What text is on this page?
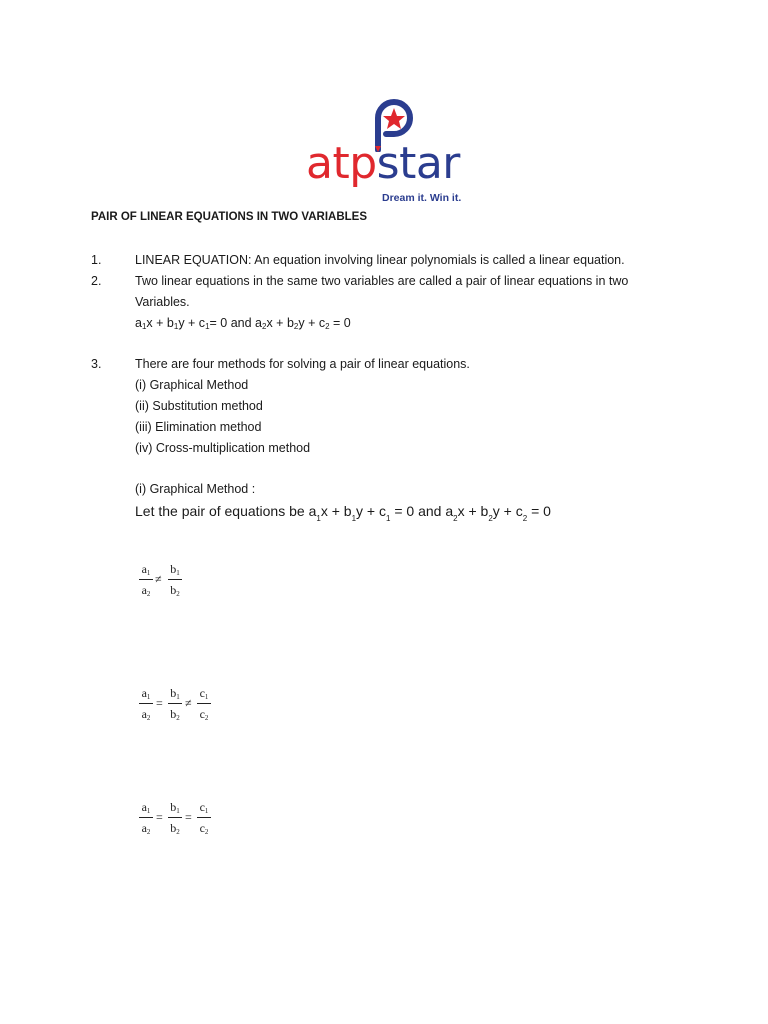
atpstar
Dream it. Win it.
PAIR OF LINEAR EQUATIONS IN TWO VARIABLES
1.	LINEAR EQUATION: An equation involving linear polynomials is called a linear equation.
2.	Two linear equations in the same two variables are called a pair of linear equations in two
Variables.
$a_1x + b_1y + c_1= 0$ and $a_2x + b_2y + c_2 = 0$
3.	There are four methods for solving a pair of linear equations.
(i) Graphical Method
(ii) Substitution method
(iii) Elimination method
(iv) Cross-multiplication method
(i) Graphical Method :
Let the pair of equations be $a_1x + b_1y + c_1 = 0$ and $a_2x + b_2y + c_2 = 0$
$a_1$
$a_2$
≠
$b_1$
$b_2$
$a_1$
$a_2$
=
$b_1$
$b_2$
≠
$c_1$
$c_2$
$a_1$
$a_2$
=
$b_1$
$b_2$
=
$c_1$
$c_2$
